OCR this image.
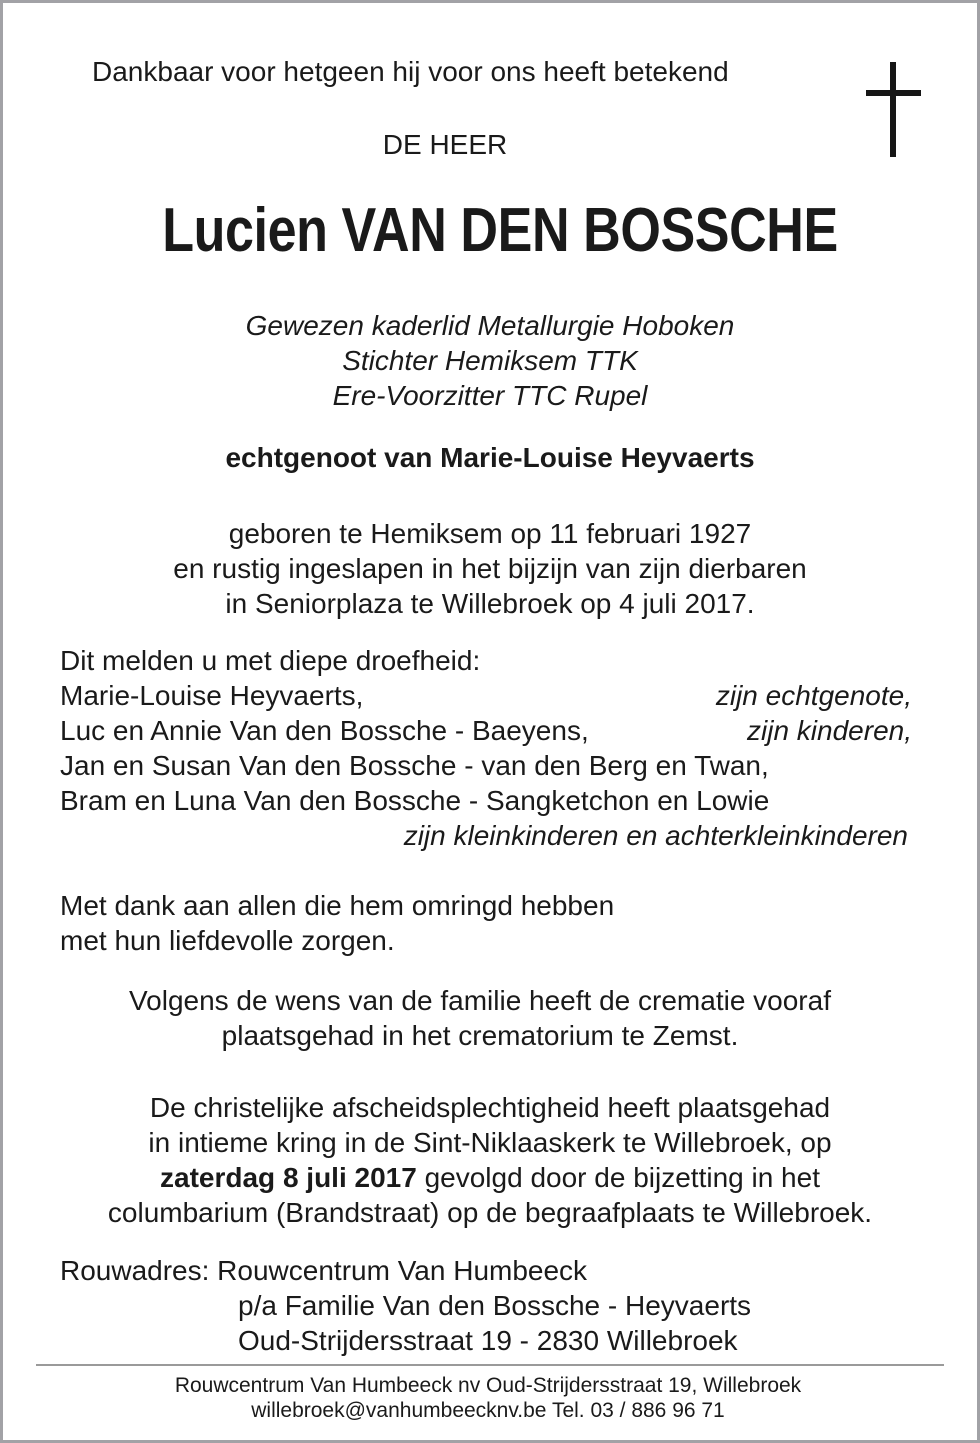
Dankbaar voor hetgeen hij voor ons heeft betekend
DE HEER
Lucien VAN DEN BOSSCHE
Gewezen kaderlid Metallurgie Hoboken
Stichter Hemiksem TTK
Ere-Voorzitter TTC Rupel
echtgenoot van Marie-Louise Heyvaerts
geboren te Hemiksem op 11 februari 1927
en rustig ingeslapen in het bijzijn van zijn dierbaren
in Seniorplaza te Willebroek op 4 juli 2017.
Dit melden u met diepe droefheid:
Marie-Louise Heyvaerts,	zijn echtgenote,
Luc en Annie Van den Bossche - Baeyens,	zijn kinderen,
Jan en Susan Van den Bossche - van den Berg en Twan,
Bram en Luna Van den Bossche - Sangketchon en Lowie
zijn kleinkinderen en achterkleinkinderen
Met dank aan allen die hem omringd hebben
met hun liefdevolle zorgen.
Volgens de wens van de familie heeft de crematie vooraf
plaatsgehad in het crematorium te Zemst.
De christelijke afscheidsplechtigheid heeft plaatsgehad
in intieme kring in de Sint-Niklaaskerk te Willebroek, op
zaterdag 8 juli 2017 gevolgd door de bijzetting in het
columbarium (Brandstraat) op de begraafplaats te Willebroek.
Rouwadres: Rouwcentrum Van Humbeeck
p/a Familie Van den Bossche - Heyvaerts
Oud-Strijdersstraat 19 - 2830 Willebroek
Rouwcentrum Van Humbeeck nv Oud-Strijdersstraat 19, Willebroek
willebroek@vanhumbeecknv.be Tel. 03 / 886 96 71
